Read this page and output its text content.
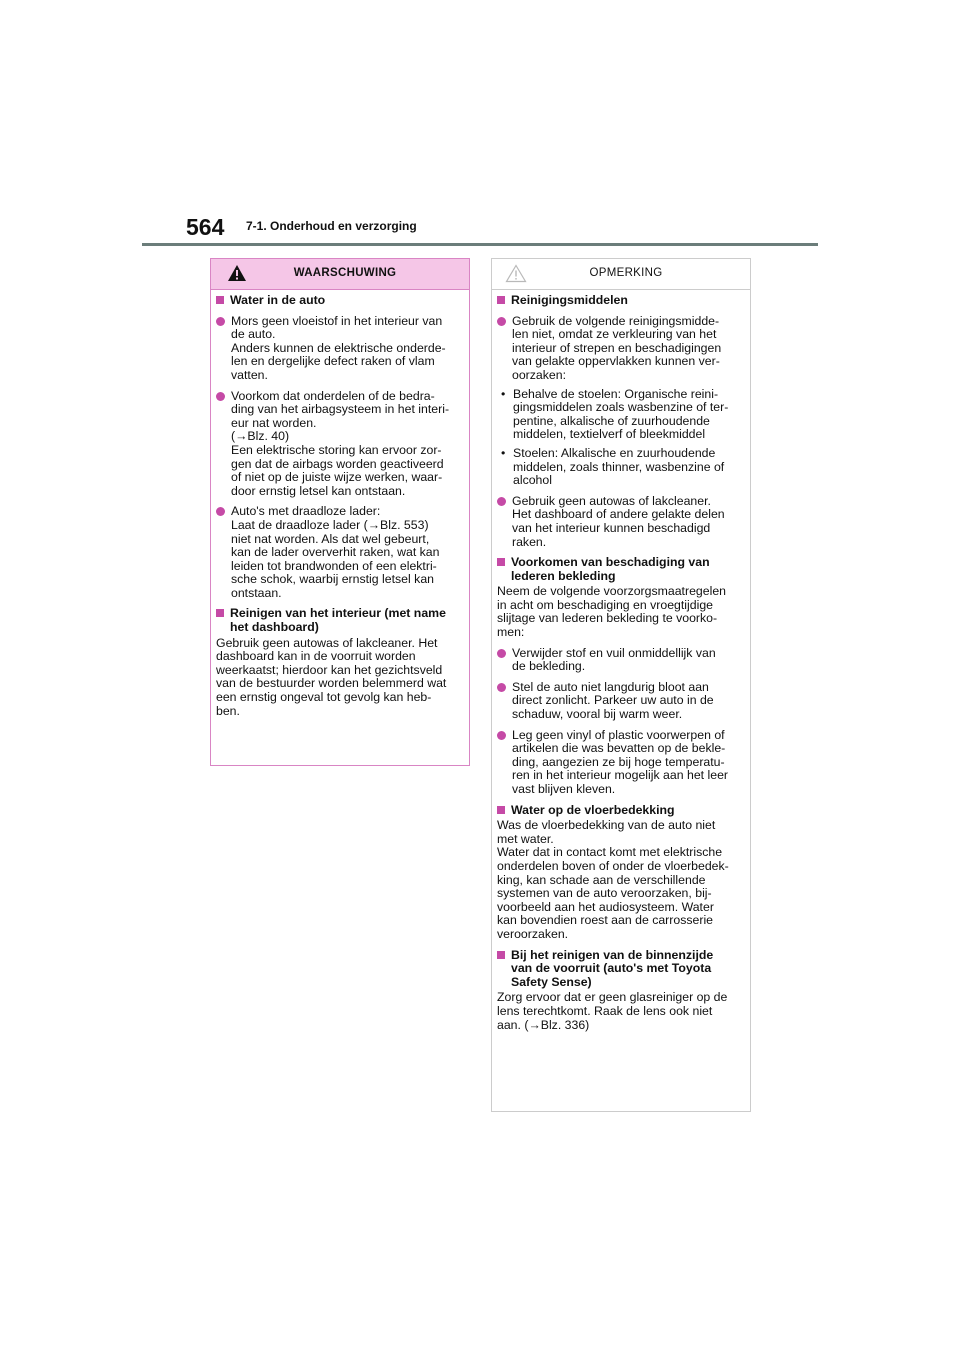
564 7-1. Onderhoud en verzorging
WAARSCHUWING
Water in de auto
Mors geen vloeistof in het interieur van
de auto.
Anders kunnen de elektrische onderde-
len en dergelijke defect raken of vlam
vatten.
Voorkom dat onderdelen of de bedra-
ding van het airbagsysteem in het interi-
eur nat worden.
(→Blz. 40)
Een elektrische storing kan ervoor zor-
gen dat de airbags worden geactiveerd
of niet op de juiste wijze werken, waar-
door ernstig letsel kan ontstaan.
Auto's met draadloze lader:
Laat de draadloze lader (→Blz. 553)
niet nat worden. Als dat wel gebeurt,
kan de lader oververhit raken, wat kan
leiden tot brandwonden of een elektri-
sche schok, waarbij ernstig letsel kan
ontstaan.
Reinigen van het interieur (met name
het dashboard)
Gebruik geen autowas of lakcleaner. Het
dashboard kan in de voorruit worden
weerkaatst; hierdoor kan het gezichtsveld
van de bestuurder worden belemmerd wat
een ernstig ongeval tot gevolg kan heb-
ben.
OPMERKING
Reinigingsmiddelen
Gebruik de volgende reinigingsmidde-
len niet, omdat ze verkleuring van het
interieur of strepen en beschadigingen
van gelakte oppervlakken kunnen ver-
oorzaken:
• Behalve de stoelen: Organische reini-
gingsmiddelen zoals wasbenzine of ter-
pentine, alkalische of zuurhoudende
middelen, textielverf of bleekmiddel
• Stoelen: Alkalische en zuurhoudende
middelen, zoals thinner, wasbenzine of
alcohol
Gebruik geen autowas of lakcleaner.
Het dashboard of andere gelakte delen
van het interieur kunnen beschadigd
raken.
Voorkomen van beschadiging van
lederen bekleding
Neem de volgende voorzorgsmaatregelen
in acht om beschadiging en vroegtijdige
slijtage van lederen bekleding te voorko-
men:
Verwijder stof en vuil onmiddellijk van
de bekleding.
Stel de auto niet langdurig bloot aan
direct zonlicht. Parkeer uw auto in de
schaduw, vooral bij warm weer.
Leg geen vinyl of plastic voorwerpen of
artikelen die was bevatten op de bekle-
ding, aangezien ze bij hoge temperatu-
ren in het interieur mogelijk aan het leer
vast blijven kleven.
Water op de vloerbedekking
Was de vloerbedekking van de auto niet
met water.
Water dat in contact komt met elektrische
onderdelen boven of onder de vloerbedek-
king, kan schade aan de verschillende
systemen van de auto veroorzaken, bij-
voorbeeld aan het audiosysteem. Water
kan bovendien roest aan de carrosserie
veroorzaken.
Bij het reinigen van de binnenzijde
van de voorruit (auto's met Toyota
Safety Sense)
Zorg ervoor dat er geen glasreiniger op de
lens terechtkomt. Raak de lens ook niet
aan. (→Blz. 336)
